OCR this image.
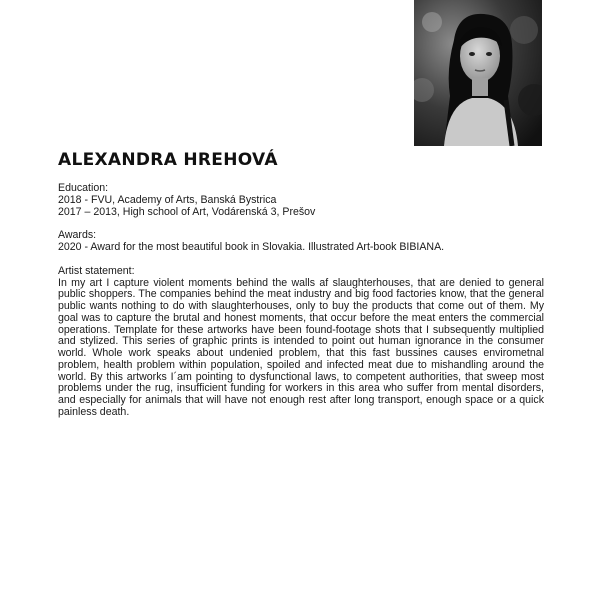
ALEXANDRA HREHOVÁ
Education:
2018 - FVU, Academy of Arts, Banská Bystrica
2017 – 2013, High school of Art, Vodárenská 3, Prešov
Awards:
2020 - Award for the most beautiful book in Slovakia. Illustrated Art-book BIBIANA.
Artist statement:
In my art I capture violent moments behind the walls af slaughterhouses, that are denied to general public shoppers. The companies behind the meat industry and big food factories know, that the general public wants nothing to do with slaughterhouses, only to buy the products that come out of them. My goal was to capture the brutal and honest moments, that occur before the meat enters the commercial operations. Template for these artworks have been found-footage shots that I subsequently multiplied and stylized. This series of graphic prints is intended to point out human ignorance in the consumer world. Whole work speaks about undenied problem, that this fast bussines causes envirometnal problem, health problem within population, spoiled and infected meat due to mishandling around the world. By this artworks I´am pointing to dysfunctional laws, to competent authorities, that sweep most problems under the rug, insufficient funding for workers in this area who suffer from mental disorders, and especially for animals that will have not enough rest after long transport, enough space or a quick painless death.
